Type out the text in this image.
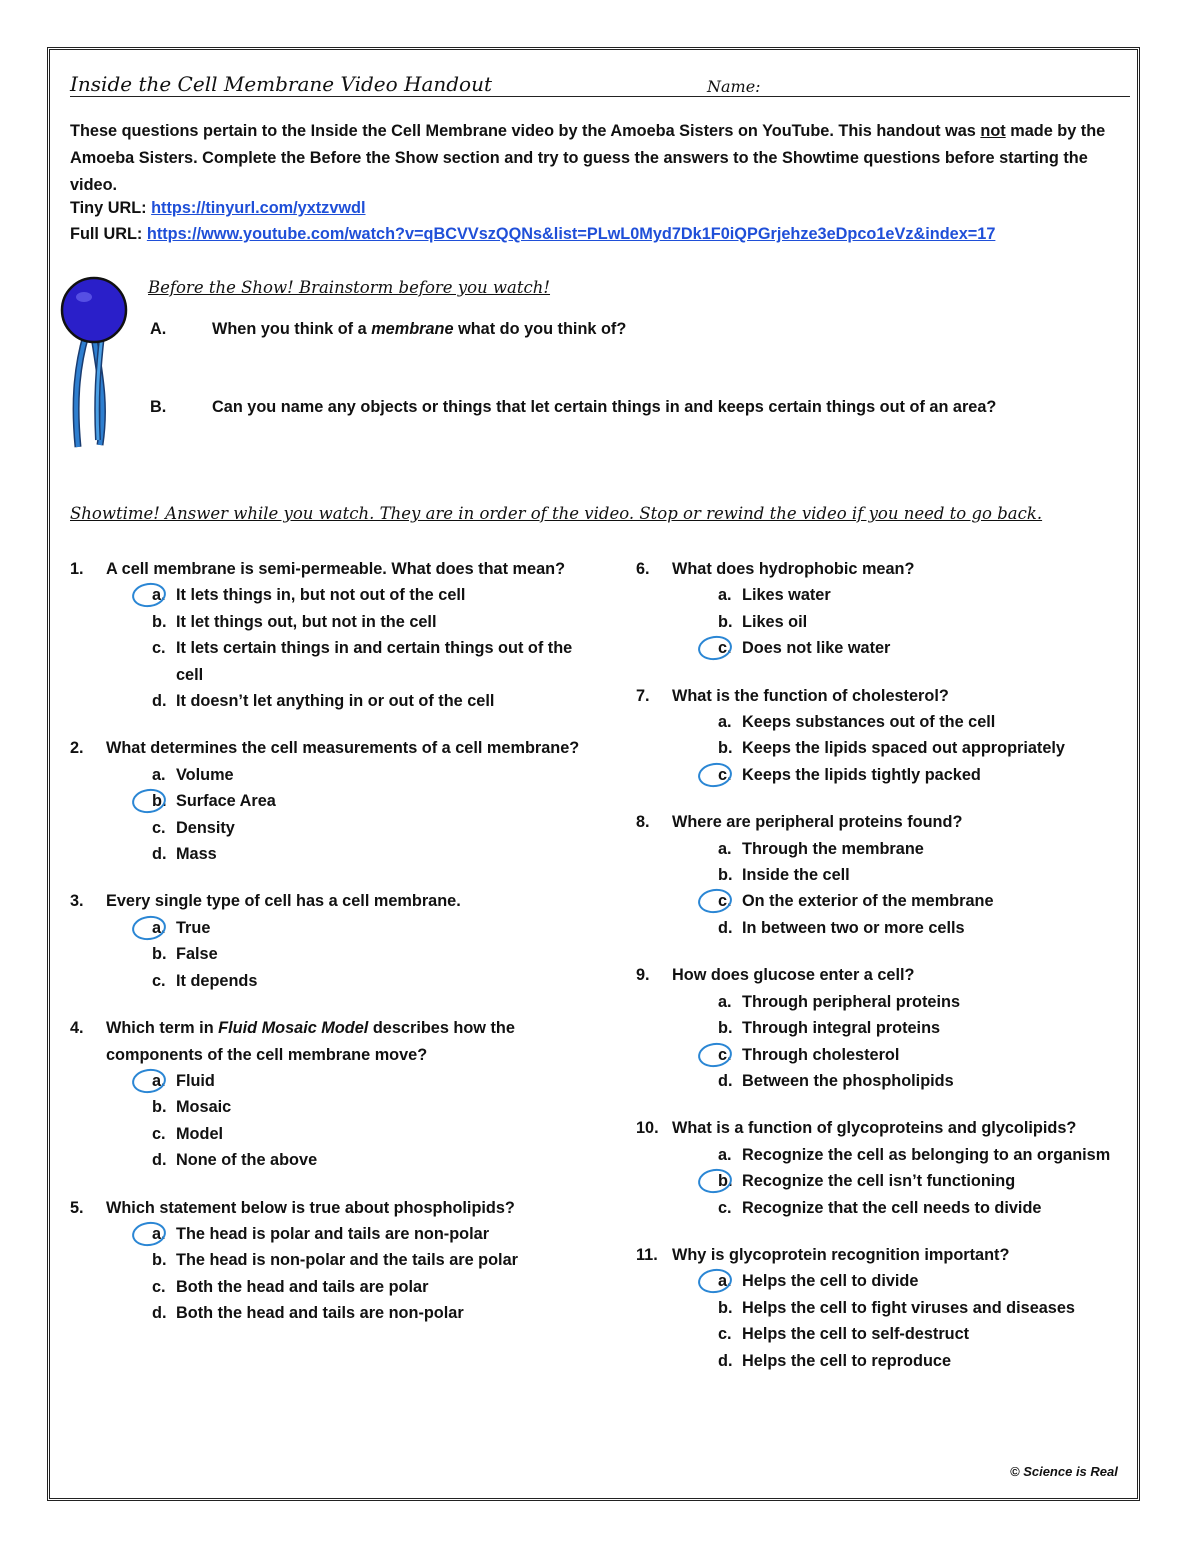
Inside the Cell Membrane Video Handout	Name:
These questions pertain to the Inside the Cell Membrane video by the Amoeba Sisters on YouTube. This handout was not made by the Amoeba Sisters. Complete the Before the Show section and try to guess the answers to the Showtime questions before starting the video.
Tiny URL: https://tinyurl.com/yxtzvwdl
Full URL: https://www.youtube.com/watch?v=qBCVVszQQNs&list=PLwL0Myd7Dk1F0iQPGrjehze3eDpco1eVz&index=17
Before the Show! Brainstorm before you watch!
A.	When you think of a membrane what do you think of?
B.	Can you name any objects or things that let certain things in and keeps certain things out of an area?
Showtime! Answer while you watch. They are in order of the video. Stop or rewind the video if you need to go back.
1.	A cell membrane is semi-permeable. What does that mean?
a. It lets things in, but not out of the cell
b. It let things out, but not in the cell
c. It lets certain things in and certain things out of the cell
d. It doesn’t let anything in or out of the cell
2.	What determines the cell measurements of a cell membrane?
a. Volume
b. Surface Area
c. Density
d. Mass
3.	Every single type of cell has a cell membrane.
a. True
b. False
c. It depends
4.	Which term in Fluid Mosaic Model describes how the components of the cell membrane move?
a. Fluid
b. Mosaic
c. Model
d. None of the above
5.	Which statement below is true about phospholipids?
a. The head is polar and tails are non-polar
b. The head is non-polar and the tails are polar
c. Both the head and tails are polar
d. Both the head and tails are non-polar
6.	What does hydrophobic mean?
a. Likes water
b. Likes oil
c. Does not like water
7.	What is the function of cholesterol?
a. Keeps substances out of the cell
b. Keeps the lipids spaced out appropriately
c. Keeps the lipids tightly packed
8.	Where are peripheral proteins found?
a. Through the membrane
b. Inside the cell
c. On the exterior of the membrane
d. In between two or more cells
9.	How does glucose enter a cell?
a. Through peripheral proteins
b. Through integral proteins
c. Through cholesterol
d. Between the phospholipids
10. What is a function of glycoproteins and glycolipids?
a. Recognize the cell as belonging to an organism
b. Recognize the cell isn’t functioning
c. Recognize that the cell needs to divide
11. Why is glycoprotein recognition important?
a. Helps the cell to divide
b. Helps the cell to fight viruses and diseases
c. Helps the cell to self-destruct
d. Helps the cell to reproduce
© Science is Real
